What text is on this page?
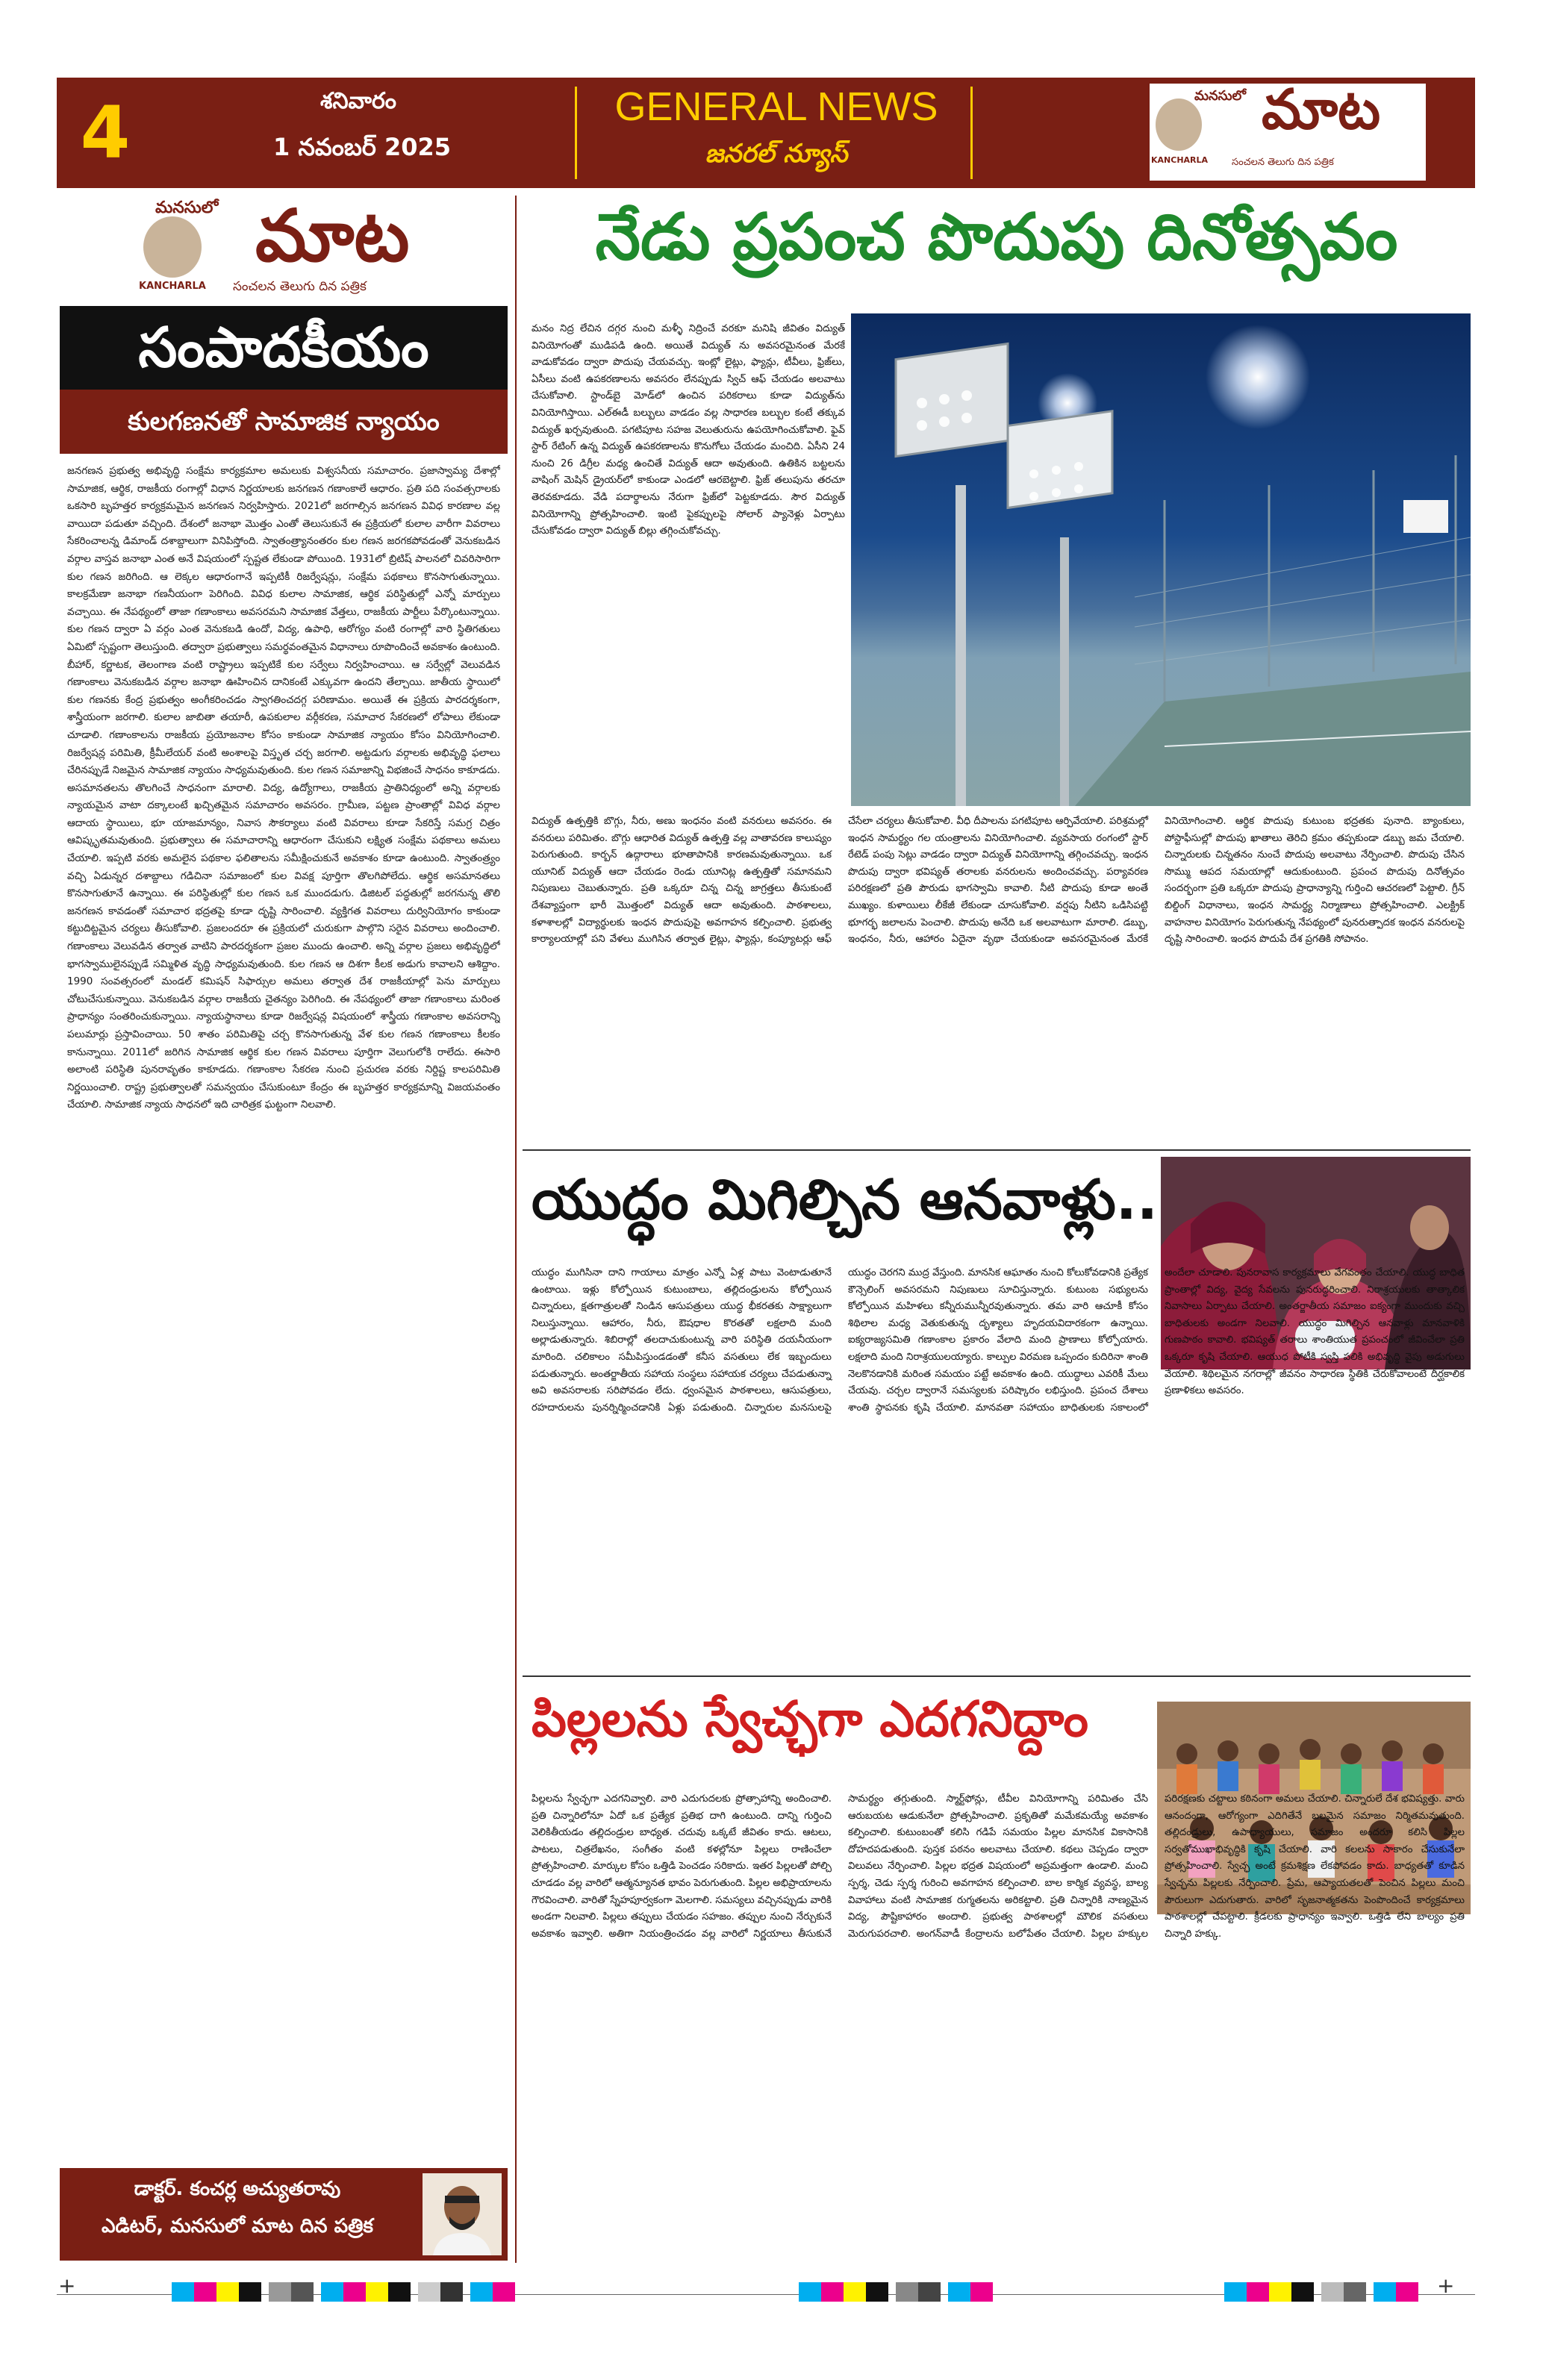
4	శనివారం
1 నవంబర్ 2025
GENERAL NEWS
జనరల్ న్యూస్
మనసులో మాట
KANCHARLA సంచలన తెలుగు దిన పత్రిక
మనసులో మాట
KANCHARLA సంచలన తెలుగు దిన పత్రిక
సంపాదకీయం
కులగణనతో సామాజిక న్యాయం
జనగణన ప్రభుత్వ అభివృద్ధి సంక్షేమ కార్యక్రమాల అమలుకు విశ్వసనీయ సమాచారం. ప్రజాస్వామ్య దేశాల్లో సామాజిక, ఆర్థిక, రాజకీయ రంగాల్లో విధాన నిర్ణయాలకు జనగణన గణాంకాలే ఆధారం. ప్రతి పది సంవత్సరాలకు ఒకసారి బృహత్తర కార్యక్రమమైన జనగణన నిర్వహిస్తారు. 2021లో జరగాల్సిన జనగణన వివిధ కారణాల వల్ల వాయిదా పడుతూ వచ్చింది. దేశంలో జనాభా మొత్తం ఎంతో తెలుసుకునే ఈ ప్రక్రియలో కులాల వారీగా వివరాలు సేకరించాలన్న డిమాండ్ దశాబ్దాలుగా వినిపిస్తోంది. స్వాతంత్ర్యానంతరం కుల గణన జరగకపోవడంతో వెనుకబడిన వర్గాల వాస్తవ జనాభా ఎంత అనే విషయంలో స్పష్టత లేకుండా పోయింది. 1931లో బ్రిటిష్ పాలనలో చివరిసారిగా కుల గణన జరిగింది. ఆ లెక్కల ఆధారంగానే ఇప్పటికీ రిజర్వేషన్లు, సంక్షేమ పథకాలు కొనసాగుతున్నాయి. కాలక్రమేణా జనాభా గణనీయంగా పెరిగింది. వివిధ కులాల సామాజిక, ఆర్థిక పరిస్థితుల్లో ఎన్నో మార్పులు వచ్చాయి. ఈ నేపథ్యంలో తాజా గణాంకాలు అవసరమని సామాజిక వేత్తలు, రాజకీయ పార్టీలు పేర్కొంటున్నాయి. కుల గణన ద్వారా ఏ వర్గం ఎంత వెనుకబడి ఉందో, విద్య, ఉపాధి, ఆరోగ్యం వంటి రంగాల్లో వారి స్థితిగతులు ఏమిటో స్పష్టంగా తెలుస్తుంది. తద్వారా ప్రభుత్వాలు సమర్థవంతమైన విధానాలు రూపొందించే అవకాశం ఉంటుంది. బీహార్, కర్ణాటక, తెలంగాణ వంటి రాష్ట్రాలు ఇప్పటికే కుల సర్వేలు నిర్వహించాయి. ఆ సర్వేల్లో వెలువడిన గణాంకాలు వెనుకబడిన వర్గాల జనాభా ఊహించిన దానికంటే ఎక్కువగా ఉందని తేల్చాయి. జాతీయ స్థాయిలో కుల గణనకు కేంద్ర ప్రభుత్వం అంగీకరించడం స్వాగతించదగ్గ పరిణామం. అయితే ఈ ప్రక్రియ పారదర్శకంగా, శాస్త్రీయంగా జరగాలి. కులాల జాబితా తయారీ, ఉపకులాల వర్గీకరణ, సమాచార సేకరణలో లోపాలు లేకుండా చూడాలి. గణాంకాలను రాజకీయ ప్రయోజనాల కోసం కాకుండా సామాజిక న్యాయం కోసం వినియోగించాలి. రిజర్వేషన్ల పరిమితి, క్రీమీలేయర్ వంటి అంశాలపై విస్తృత చర్చ జరగాలి. అట్టడుగు వర్గాలకు అభివృద్ధి ఫలాలు చేరినప్పుడే నిజమైన సామాజిక న్యాయం సాధ్యమవుతుంది. కుల గణన సమాజాన్ని విభజించే సాధనం కాకూడదు. అసమానతలను తొలగించే సాధనంగా మారాలి. విద్య, ఉద్యోగాలు, రాజకీయ ప్రాతినిధ్యంలో అన్ని వర్గాలకు న్యాయమైన వాటా దక్కాలంటే ఖచ్చితమైన సమాచారం అవసరం. గ్రామీణ, పట్టణ ప్రాంతాల్లో వివిధ వర్గాల ఆదాయ స్థాయిలు, భూ యాజమాన్యం, నివాస సౌకర్యాలు వంటి వివరాలు కూడా సేకరిస్తే సమగ్ర చిత్రం ఆవిష్కృతమవుతుంది. ప్రభుత్వాలు ఈ సమాచారాన్ని ఆధారంగా చేసుకుని లక్ష్యిత సంక్షేమ పథకాలు అమలు చేయాలి. ఇప్పటి వరకు అమలైన పథకాల ఫలితాలను సమీక్షించుకునే అవకాశం కూడా ఉంటుంది. స్వాతంత్ర్యం వచ్చి ఏడున్నర దశాబ్దాలు గడిచినా సమాజంలో కుల వివక్ష పూర్తిగా తొలగిపోలేదు. ఆర్థిక అసమానతలు కొనసాగుతూనే ఉన్నాయి. ఈ పరిస్థితుల్లో కుల గణన ఒక ముందడుగు. డిజిటల్ పద్ధతుల్లో జరగనున్న తొలి జనగణన కావడంతో సమాచార భద్రతపై కూడా దృష్టి సారించాలి. వ్యక్తిగత వివరాలు దుర్వినియోగం కాకుండా కట్టుదిట్టమైన చర్యలు తీసుకోవాలి. ప్రజలందరూ ఈ ప్రక్రియలో చురుకుగా పాల్గొని సరైన వివరాలు అందించాలి. గణాంకాలు వెలువడిన తర్వాత వాటిని పారదర్శకంగా ప్రజల ముందు ఉంచాలి. అన్ని వర్గాల ప్రజలు అభివృద్ధిలో భాగస్వాములైనప్పుడే సమ్మిళిత వృద్ధి సాధ్యమవుతుంది. కుల గణన ఆ దిశగా కీలక అడుగు కావాలని ఆశిద్దాం. 1990 సంవత్సరంలో మండల్ కమిషన్ సిఫార్సుల అమలు తర్వాత దేశ రాజకీయాల్లో పెను మార్పులు చోటుచేసుకున్నాయి. వెనుకబడిన వర్గాల రాజకీయ చైతన్యం పెరిగింది. ఈ నేపథ్యంలో తాజా గణాంకాలు మరింత ప్రాధాన్యం సంతరించుకున్నాయి. న్యాయస్థానాలు కూడా రిజర్వేషన్ల విషయంలో శాస్త్రీయ గణాంకాల అవసరాన్ని పలుమార్లు ప్రస్తావించాయి. 50 శాతం పరిమితిపై చర్చ కొనసాగుతున్న వేళ కుల గణన గణాంకాలు కీలకం కానున్నాయి. 2011లో జరిగిన సామాజిక ఆర్థిక కుల గణన వివరాలు పూర్తిగా వెలుగులోకి రాలేదు. ఈసారి అలాంటి పరిస్థితి పునరావృతం కాకూడదు. గణాంకాల సేకరణ నుంచి ప్రచురణ వరకు నిర్దిష్ట కాలపరిమితి నిర్ణయించాలి. రాష్ట్ర ప్రభుత్వాలతో సమన్వయం చేసుకుంటూ కేంద్రం ఈ బృహత్తర కార్యక్రమాన్ని విజయవంతం చేయాలి. సామాజిక న్యాయ సాధనలో ఇది చారిత్రక ఘట్టంగా నిలవాలి.
డాక్టర్. కంచర్ల అచ్యుతరావు
ఎడిటర్, మనసులో మాట దిన పత్రిక
నేడు ప్రపంచ పొదుపు దినోత్సవం
మనం నిద్ర లేచిన దగ్గర నుంచి మళ్ళీ నిద్రించే వరకూ మనిషి జీవితం విద్యుత్ వినియోగంతో ముడిపడి ఉంది. అయితే విద్యుత్ ను అవసరమైనంత మేరకే వాడుకోవడం ద్వారా పొదుపు చేయవచ్చు. ఇంట్లో లైట్లు, ఫ్యాన్లు, టీవీలు, ఫ్రిజ్‌లు, ఏసీలు వంటి ఉపకరణాలను అవసరం లేనప్పుడు స్విచ్ ఆఫ్ చేయడం అలవాటు చేసుకోవాలి. స్టాండ్‌బై మోడ్‌లో ఉంచిన పరికరాలు కూడా విద్యుత్‌ను వినియోగిస్తాయి. ఎల్ఈడీ బల్బులు వాడడం వల్ల సాధారణ బల్బుల కంటే తక్కువ విద్యుత్ ఖర్చవుతుంది. పగటిపూట సహజ వెలుతురును ఉపయోగించుకోవాలి. ఫైవ్ స్టార్ రేటింగ్ ఉన్న విద్యుత్ ఉపకరణాలను కొనుగోలు చేయడం మంచిది. ఏసీని 24 నుంచి 26 డిగ్రీల మధ్య ఉంచితే విద్యుత్ ఆదా అవుతుంది. ఉతికిన బట్టలను వాషింగ్ మెషిన్ డ్రైయర్‌లో కాకుండా ఎండలో ఆరబెట్టాలి. ఫ్రిజ్ తలుపును తరచూ తెరవకూడదు. వేడి పదార్థాలను నేరుగా ఫ్రిజ్‌లో పెట్టకూడదు. సౌర విద్యుత్ వినియోగాన్ని ప్రోత్సహించాలి. ఇంటి పైకప్పులపై సోలార్ ప్యానెళ్లు ఏర్పాటు చేసుకోవడం ద్వారా విద్యుత్ బిల్లు తగ్గించుకోవచ్చు.
విద్యుత్ ఉత్పత్తికి బొగ్గు, నీరు, అణు ఇంధనం వంటి వనరులు అవసరం. ఈ వనరులు పరిమితం. బొగ్గు ఆధారిత విద్యుత్ ఉత్పత్తి వల్ల వాతావరణ కాలుష్యం పెరుగుతుంది. కార్బన్ ఉద్గారాలు భూతాపానికి కారణమవుతున్నాయి. ఒక యూనిట్ విద్యుత్ ఆదా చేయడం రెండు యూనిట్ల ఉత్పత్తితో సమానమని నిపుణులు చెబుతున్నారు. ప్రతి ఒక్కరూ చిన్న చిన్న జాగ్రత్తలు తీసుకుంటే దేశవ్యాప్తంగా భారీ మొత్తంలో విద్యుత్ ఆదా అవుతుంది. పాఠశాలలు, కళాశాలల్లో విద్యార్థులకు ఇంధన పొదుపుపై అవగాహన కల్పించాలి. ప్రభుత్వ కార్యాలయాల్లో పని వేళలు ముగిసిన తర్వాత లైట్లు, ఫ్యాన్లు, కంప్యూటర్లు ఆఫ్ చేసేలా చర్యలు తీసుకోవాలి. వీధి దీపాలను పగటిపూట ఆర్పివేయాలి. పరిశ్రమల్లో ఇంధన సామర్థ్యం గల యంత్రాలను వినియోగించాలి. వ్యవసాయ రంగంలో స్టార్ రేటెడ్ పంపు సెట్లు వాడడం ద్వారా విద్యుత్ వినియోగాన్ని తగ్గించవచ్చు. ఇంధన పొదుపు ద్వారా భవిష్యత్ తరాలకు వనరులను అందించవచ్చు. పర్యావరణ పరిరక్షణలో ప్రతి పౌరుడు భాగస్వామి కావాలి. నీటి పొదుపు కూడా అంతే ముఖ్యం. కుళాయిలు లీకేజీ లేకుండా చూసుకోవాలి. వర్షపు నీటిని ఒడిసిపట్టి భూగర్భ జలాలను పెంచాలి. పొదుపు అనేది ఒక అలవాటుగా మారాలి. డబ్బు, ఇంధనం, నీరు, ఆహారం ఏదైనా వృథా చేయకుండా అవసరమైనంత మేరకే వినియోగించాలి. ఆర్థిక పొదుపు కుటుంబ భద్రతకు పునాది. బ్యాంకులు, పోస్టాఫీసుల్లో పొదుపు ఖాతాలు తెరిచి క్రమం తప్పకుండా డబ్బు జమ చేయాలి. చిన్నారులకు చిన్నతనం నుంచే పొదుపు అలవాటు నేర్పించాలి. పొదుపు చేసిన సొమ్ము ఆపద సమయాల్లో ఆదుకుంటుంది. ప్రపంచ పొదుపు దినోత్సవం సందర్భంగా ప్రతి ఒక్కరూ పొదుపు ప్రాధాన్యాన్ని గుర్తించి ఆచరణలో పెట్టాలి. గ్రీన్ బిల్డింగ్ విధానాలు, ఇంధన సామర్థ్య నిర్మాణాలు ప్రోత్సహించాలి. ఎలక్ట్రిక్ వాహనాల వినియోగం పెరుగుతున్న నేపథ్యంలో పునరుత్పాదక ఇంధన వనరులపై దృష్టి సారించాలి. ఇంధన పొదుపే దేశ ప్రగతికి సోపానం.
యుద్ధం మిగిల్చిన ఆనవాళ్లు..
యుద్ధం ముగిసినా దాని గాయాలు మాత్రం ఎన్నో ఏళ్ల పాటు వెంటాడుతూనే ఉంటాయి. ఇళ్లు కోల్పోయిన కుటుంబాలు, తల్లిదండ్రులను కోల్పోయిన చిన్నారులు, క్షతగాత్రులతో నిండిన ఆసుపత్రులు యుద్ధ భీకరతకు సాక్ష్యాలుగా నిలుస్తున్నాయి. ఆహారం, నీరు, ఔషధాల కొరతతో లక్షలాది మంది అల్లాడుతున్నారు. శిబిరాల్లో తలదాచుకుంటున్న వారి పరిస్థితి దయనీయంగా మారింది. చలికాలం సమీపిస్తుండడంతో కనీస వసతులు లేక ఇబ్బందులు పడుతున్నారు. అంతర్జాతీయ సహాయ సంస్థలు సహాయక చర్యలు చేపడుతున్నా అవి అవసరాలకు సరిపోవడం లేదు. ధ్వంసమైన పాఠశాలలు, ఆసుపత్రులు, రహదారులను పునర్నిర్మించడానికి ఏళ్లు పడుతుంది. చిన్నారుల మనసులపై యుద్ధం చెరగని ముద్ర వేస్తుంది. మానసిక ఆఘాతం నుంచి కోలుకోవడానికి ప్రత్యేక కౌన్సెలింగ్ అవసరమని నిపుణులు సూచిస్తున్నారు. కుటుంబ సభ్యులను కోల్పోయిన మహిళలు కన్నీరుమున్నీరవుతున్నారు. తమ వారి ఆచూకీ కోసం శిథిలాల మధ్య వెతుకుతున్న దృశ్యాలు హృదయవిదారకంగా ఉన్నాయి. ఐక్యరాజ్యసమితి గణాంకాల ప్రకారం వేలాది మంది ప్రాణాలు కోల్పోయారు. లక్షలాది మంది నిరాశ్రయులయ్యారు. కాల్పుల విరమణ ఒప్పందం కుదిరినా శాంతి నెలకొనడానికి మరింత సమయం పట్టే అవకాశం ఉంది. యుద్ధాలు ఎవరికీ మేలు చేయవు. చర్చల ద్వారానే సమస్యలకు పరిష్కారం లభిస్తుంది. ప్రపంచ దేశాలు శాంతి స్థాపనకు కృషి చేయాలి. మానవతా సహాయం బాధితులకు సకాలంలో అందేలా చూడాలి. పునరావాస కార్యక్రమాలు వేగవంతం చేయాలి. యుద్ధ బాధిత ప్రాంతాల్లో విద్య, వైద్య సేవలను పునరుద్ధరించాలి. నిరాశ్రయులకు తాత్కాలిక నివాసాలు ఏర్పాటు చేయాలి. అంతర్జాతీయ సమాజం ఐక్యంగా ముందుకు వచ్చి బాధితులకు అండగా నిలవాలి. యుద్ధం మిగిల్చిన ఆనవాళ్లు మానవాళికి గుణపాఠం కావాలి. భవిష్యత్ తరాలు శాంతియుత ప్రపంచంలో జీవించేలా ప్రతి ఒక్కరూ కృషి చేయాలి. ఆయుధ పోటీకి స్వస్తి పలికి అభివృద్ధి వైపు అడుగులు వేయాలి. శిథిలమైన నగరాల్లో జీవనం సాధారణ స్థితికి చేరుకోవాలంటే దీర్ఘకాలిక ప్రణాళికలు అవసరం.
పిల్లలను స్వేచ్ఛగా ఎదగనిద్దాం
పిల్లలను స్వేచ్ఛగా ఎదగనివ్వాలి. వారి ఎదుగుదలకు ప్రోత్సాహాన్ని అందించాలి. ప్రతి చిన్నారిలోనూ ఏదో ఒక ప్రత్యేక ప్రతిభ దాగి ఉంటుంది. దాన్ని గుర్తించి వెలికితీయడం తల్లిదండ్రుల బాధ్యత. చదువు ఒక్కటే జీవితం కాదు. ఆటలు, పాటలు, చిత్రలేఖనం, సంగీతం వంటి కళల్లోనూ పిల్లలు రాణించేలా ప్రోత్సహించాలి. మార్కుల కోసం ఒత్తిడి పెంచడం సరికాదు. ఇతర పిల్లలతో పోల్చి చూడడం వల్ల వారిలో ఆత్మన్యూనత భావం పెరుగుతుంది. పిల్లల అభిప్రాయాలను గౌరవించాలి. వారితో స్నేహపూర్వకంగా మెలగాలి. సమస్యలు వచ్చినప్పుడు వారికి అండగా నిలవాలి. పిల్లలు తప్పులు చేయడం సహజం. తప్పుల నుంచి నేర్చుకునే అవకాశం ఇవ్వాలి. అతిగా నియంత్రించడం వల్ల వారిలో నిర్ణయాలు తీసుకునే సామర్థ్యం తగ్గుతుంది. స్మార్ట్‌ఫోన్లు, టీవీల వినియోగాన్ని పరిమితం చేసి ఆరుబయట ఆడుకునేలా ప్రోత్సహించాలి. ప్రకృతితో మమేకమయ్యే అవకాశం కల్పించాలి. కుటుంబంతో కలిసి గడిపే సమయం పిల్లల మానసిక వికాసానికి దోహదపడుతుంది. పుస్తక పఠనం అలవాటు చేయాలి. కథలు చెప్పడం ద్వారా విలువలు నేర్పించాలి. పిల్లల భద్రత విషయంలో అప్రమత్తంగా ఉండాలి. మంచి స్పర్శ, చెడు స్పర్శ గురించి అవగాహన కల్పించాలి. బాల కార్మిక వ్యవస్థ, బాల్య వివాహాలు వంటి సామాజిక రుగ్మతలను అరికట్టాలి. ప్రతి చిన్నారికి నాణ్యమైన విద్య, పౌష్టికాహారం అందాలి. ప్రభుత్వ పాఠశాలల్లో మౌలిక వసతులు మెరుగుపరచాలి. అంగన్‌వాడీ కేంద్రాలను బలోపేతం చేయాలి. పిల్లల హక్కుల పరిరక్షణకు చట్టాలు కఠినంగా అమలు చేయాలి. చిన్నారులే దేశ భవిష్యత్తు. వారు ఆనందంగా, ఆరోగ్యంగా ఎదిగితేనే బలమైన సమాజం నిర్మితమవుతుంది. తల్లిదండ్రులు, ఉపాధ్యాయులు, సమాజం అందరూ కలిసి పిల్లల సర్వతోముఖాభివృద్ధికి కృషి చేయాలి. వారి కలలను సాకారం చేసుకునేలా ప్రోత్సహించాలి. స్వేచ్ఛ అంటే క్రమశిక్షణ లేకపోవడం కాదు. బాధ్యతతో కూడిన స్వేచ్ఛను పిల్లలకు నేర్పించాలి. ప్రేమ, ఆప్యాయతలతో పెంచిన పిల్లలు మంచి పౌరులుగా ఎదుగుతారు. వారిలో సృజనాత్మకతను పెంపొందించే కార్యక్రమాలు పాఠశాలల్లో చేపట్టాలి. క్రీడలకు ప్రాధాన్యం ఇవ్వాలి. ఒత్తిడి లేని బాల్యం ప్రతి చిన్నారి హక్కు.
+	+
